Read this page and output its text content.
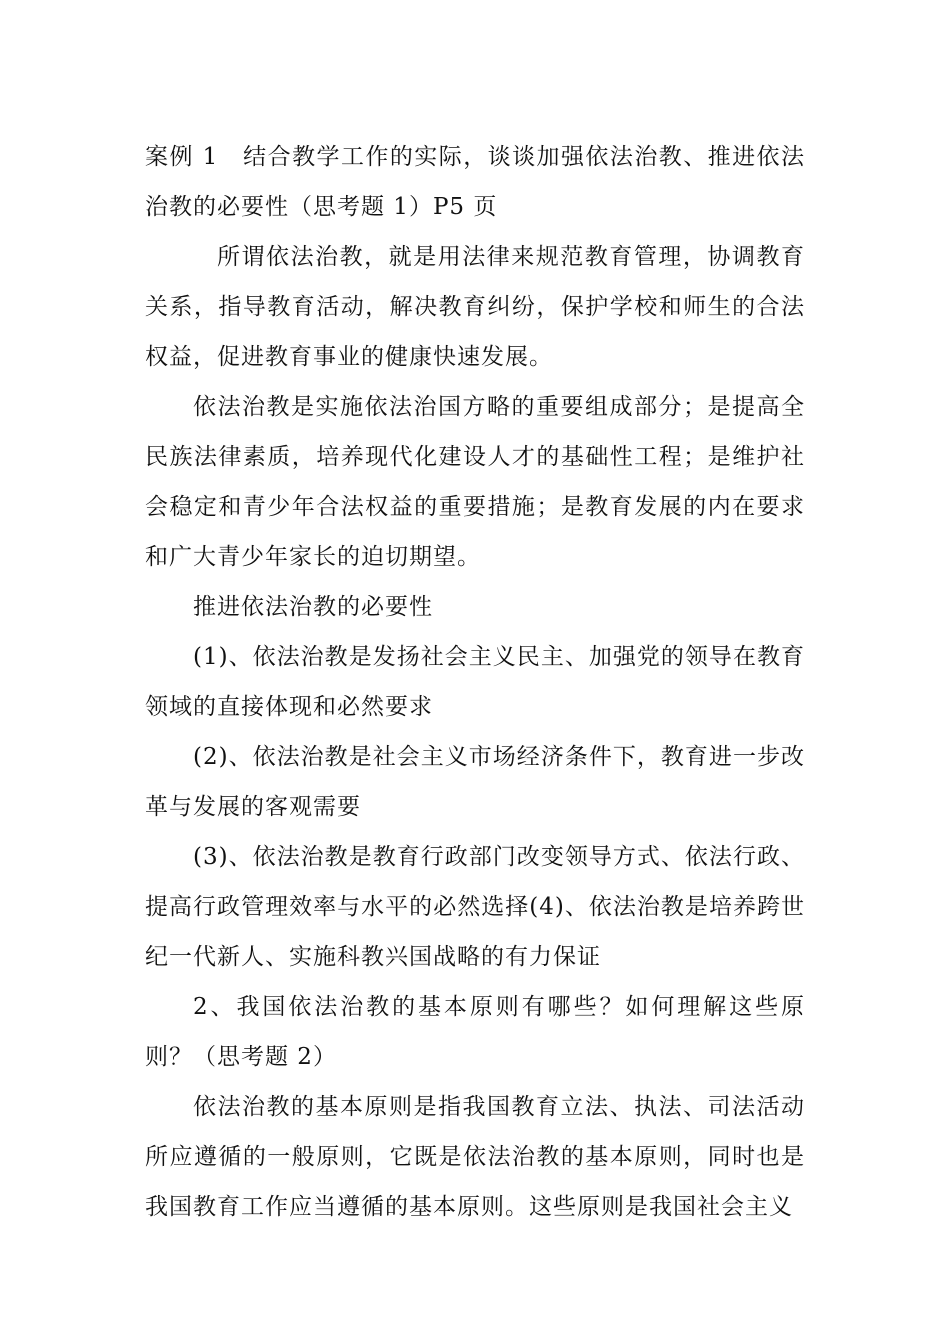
案例 1　结合教学工作的实际，谈谈加强依法治教、推进依法治教的必要性（思考题 1）P5 页

所谓依法治教，就是用法律来规范教育管理，协调教育关系，指导教育活动，解决教育纠纷，保护学校和师生的合法权益，促进教育事业的健康快速发展。

依法治教是实施依法治国方略的重要组成部分；是提高全民族法律素质，培养现代化建设人才的基础性工程；是维护社会稳定和青少年合法权益的重要措施；是教育发展的内在要求和广大青少年家长的迫切期望。

推进依法治教的必要性

(1)、依法治教是发扬社会主义民主、加强党的领导在教育领域的直接体现和必然要求

(2)、依法治教是社会主义市场经济条件下，教育进一步改革与发展的客观需要

(3)、依法治教是教育行政部门改变领导方式、依法行政、提高行政管理效率与水平的必然选择(4)、依法治教是培养跨世纪一代新人、实施科教兴国战略的有力保证

2、我国依法治教的基本原则有哪些？如何理解这些原则？（思考题 2）

依法治教的基本原则是指我国教育立法、执法、司法活动所应遵循的一般原则，它既是依法治教的基本原则，同时也是我国教育工作应当遵循的基本原则。这些原则是我国社会主义
